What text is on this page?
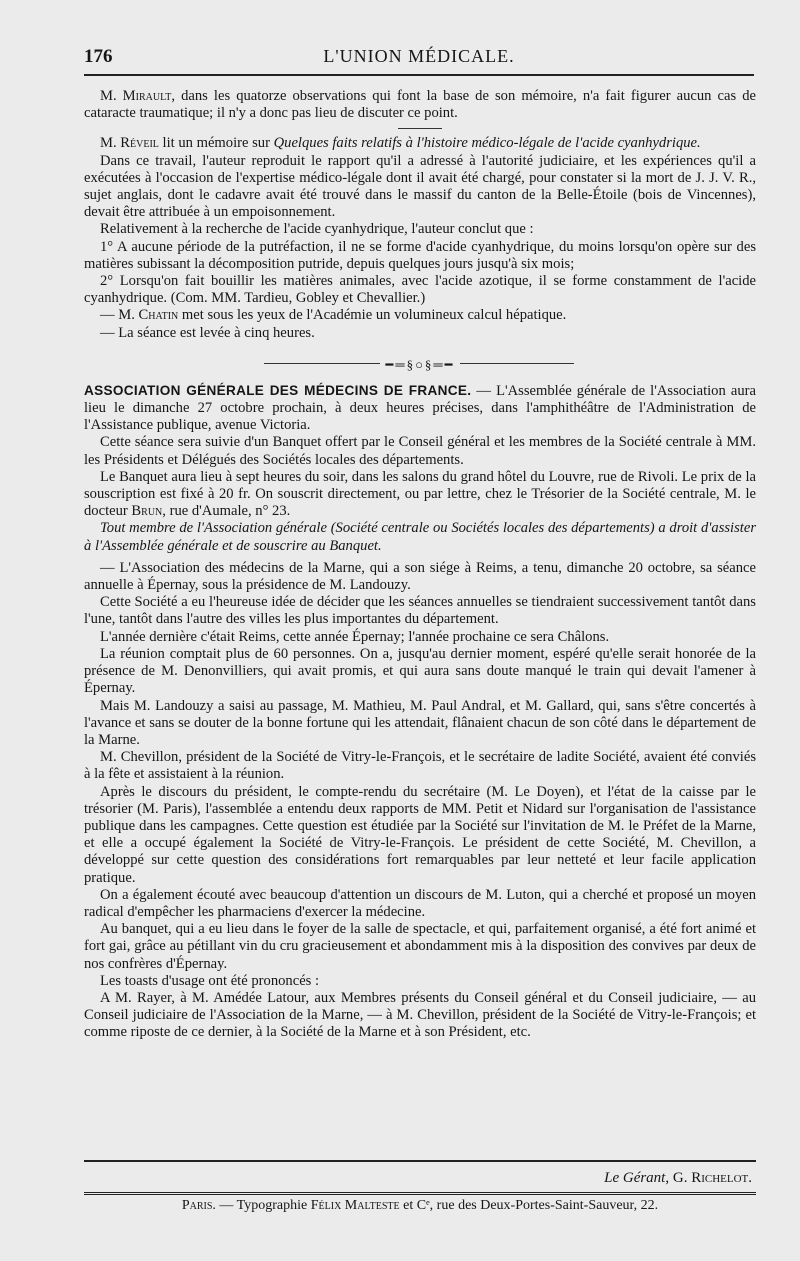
176	L'UNION MÉDICALE.

M. Mirault, dans les quatorze observations qui font la base de son mémoire, n'a fait figurer aucun cas de cataracte traumatique; il n'y a donc pas lieu de discuter ce point.

M. Réveil lit un mémoire sur Quelques faits relatifs à l'histoire médico-légale de l'acide cyanhydrique.

Dans ce travail, l'auteur reproduit le rapport qu'il a adressé à l'autorité judiciaire, et les expériences qu'il a exécutées à l'occasion de l'expertise médico-légale dont il avait été chargé, pour constater si la mort de J. J. V. R., sujet anglais, dont le cadavre avait été trouvé dans le massif du canton de la Belle-Étoile (bois de Vincennes), devait être attribuée à un empoisonnement.

Relativement à la recherche de l'acide cyanhydrique, l'auteur conclut que :

1° A aucune période de la putréfaction, il ne se forme d'acide cyanhydrique, du moins lorsqu'on opère sur des matières subissant la décomposition putride, depuis quelques jours jusqu'à six mois;

2° Lorsqu'on fait bouillir les matières animales, avec l'acide azotique, il se forme constamment de l'acide cyanhydrique. (Com. MM. Tardieu, Gobley et Chevallier.)

— M. Chatin met sous les yeux de l'Académie un volumineux calcul hépatique.

— La séance est levée à cinq heures.

━═§○§═━

ASSOCIATION GÉNÉRALE DES MÉDECINS DE FRANCE. — L'Assemblée générale de l'Association aura lieu le dimanche 27 octobre prochain, à deux heures précises, dans l'amphithéâtre de l'Administration de l'Assistance publique, avenue Victoria.

Cette séance sera suivie d'un Banquet offert par le Conseil général et les membres de la Société centrale à MM. les Présidents et Délégués des Sociétés locales des départements.

Le Banquet aura lieu à sept heures du soir, dans les salons du grand hôtel du Louvre, rue de Rivoli. Le prix de la souscription est fixé à 20 fr. On souscrit directement, ou par lettre, chez le Trésorier de la Société centrale, M. le docteur Brun, rue d'Aumale, n° 23.

Tout membre de l'Association générale (Société centrale ou Sociétés locales des départements) a droit d'assister à l'Assemblée générale et de souscrire au Banquet.

— L'Association des médecins de la Marne, qui a son siége à Reims, a tenu, dimanche 20 octobre, sa séance annuelle à Épernay, sous la présidence de M. Landouzy.

Cette Société a eu l'heureuse idée de décider que les séances annuelles se tiendraient successivement tantôt dans l'une, tantôt dans l'autre des villes les plus importantes du département.

L'année dernière c'était Reims, cette année Épernay; l'année prochaine ce sera Châlons.

La réunion comptait plus de 60 personnes. On a, jusqu'au dernier moment, espéré qu'elle serait honorée de la présence de M. Denonvilliers, qui avait promis, et qui aura sans doute manqué le train qui devait l'amener à Épernay.

Mais M. Landouzy a saisi au passage, M. Mathieu, M. Paul Andral, et M. Gallard, qui, sans s'être concertés à l'avance et sans se douter de la bonne fortune qui les attendait, flânaient chacun de son côté dans le département de la Marne.

M. Chevillon, président de la Société de Vitry-le-François, et le secrétaire de ladite Société, avaient été conviés à la fête et assistaient à la réunion.

Après le discours du président, le compte-rendu du secrétaire (M. Le Doyen), et l'état de la caisse par le trésorier (M. Paris), l'assemblée a entendu deux rapports de MM. Petit et Nidard sur l'organisation de l'assistance publique dans les campagnes. Cette question est étudiée par la Société sur l'invitation de M. le Préfet de la Marne, et elle a occupé également la Société de Vitry-le-François. Le président de cette Société, M. Chevillon, a développé sur cette question des considérations fort remarquables par leur netteté et leur facile application pratique.

On a également écouté avec beaucoup d'attention un discours de M. Luton, qui a cherché et proposé un moyen radical d'empêcher les pharmaciens d'exercer la médecine.

Au banquet, qui a eu lieu dans le foyer de la salle de spectacle, et qui, parfaitement organisé, a été fort animé et fort gai, grâce au pétillant vin du cru gracieusement et abondamment mis à la disposition des convives par deux de nos confrères d'Épernay.

Les toasts d'usage ont été prononcés :

A M. Rayer, à M. Amédée Latour, aux Membres présents du Conseil général et du Conseil judiciaire, — au Conseil judiciaire de l'Association de la Marne, — à M. Chevillon, président de la Société de Vitry-le-François; et comme riposte de ce dernier, à la Société de la Marne et à son Président, etc.

Le Gérant, G. Richelot.
Paris. — Typographie Félix Malteste et Cᵉ, rue des Deux-Portes-Saint-Sauveur, 22.
